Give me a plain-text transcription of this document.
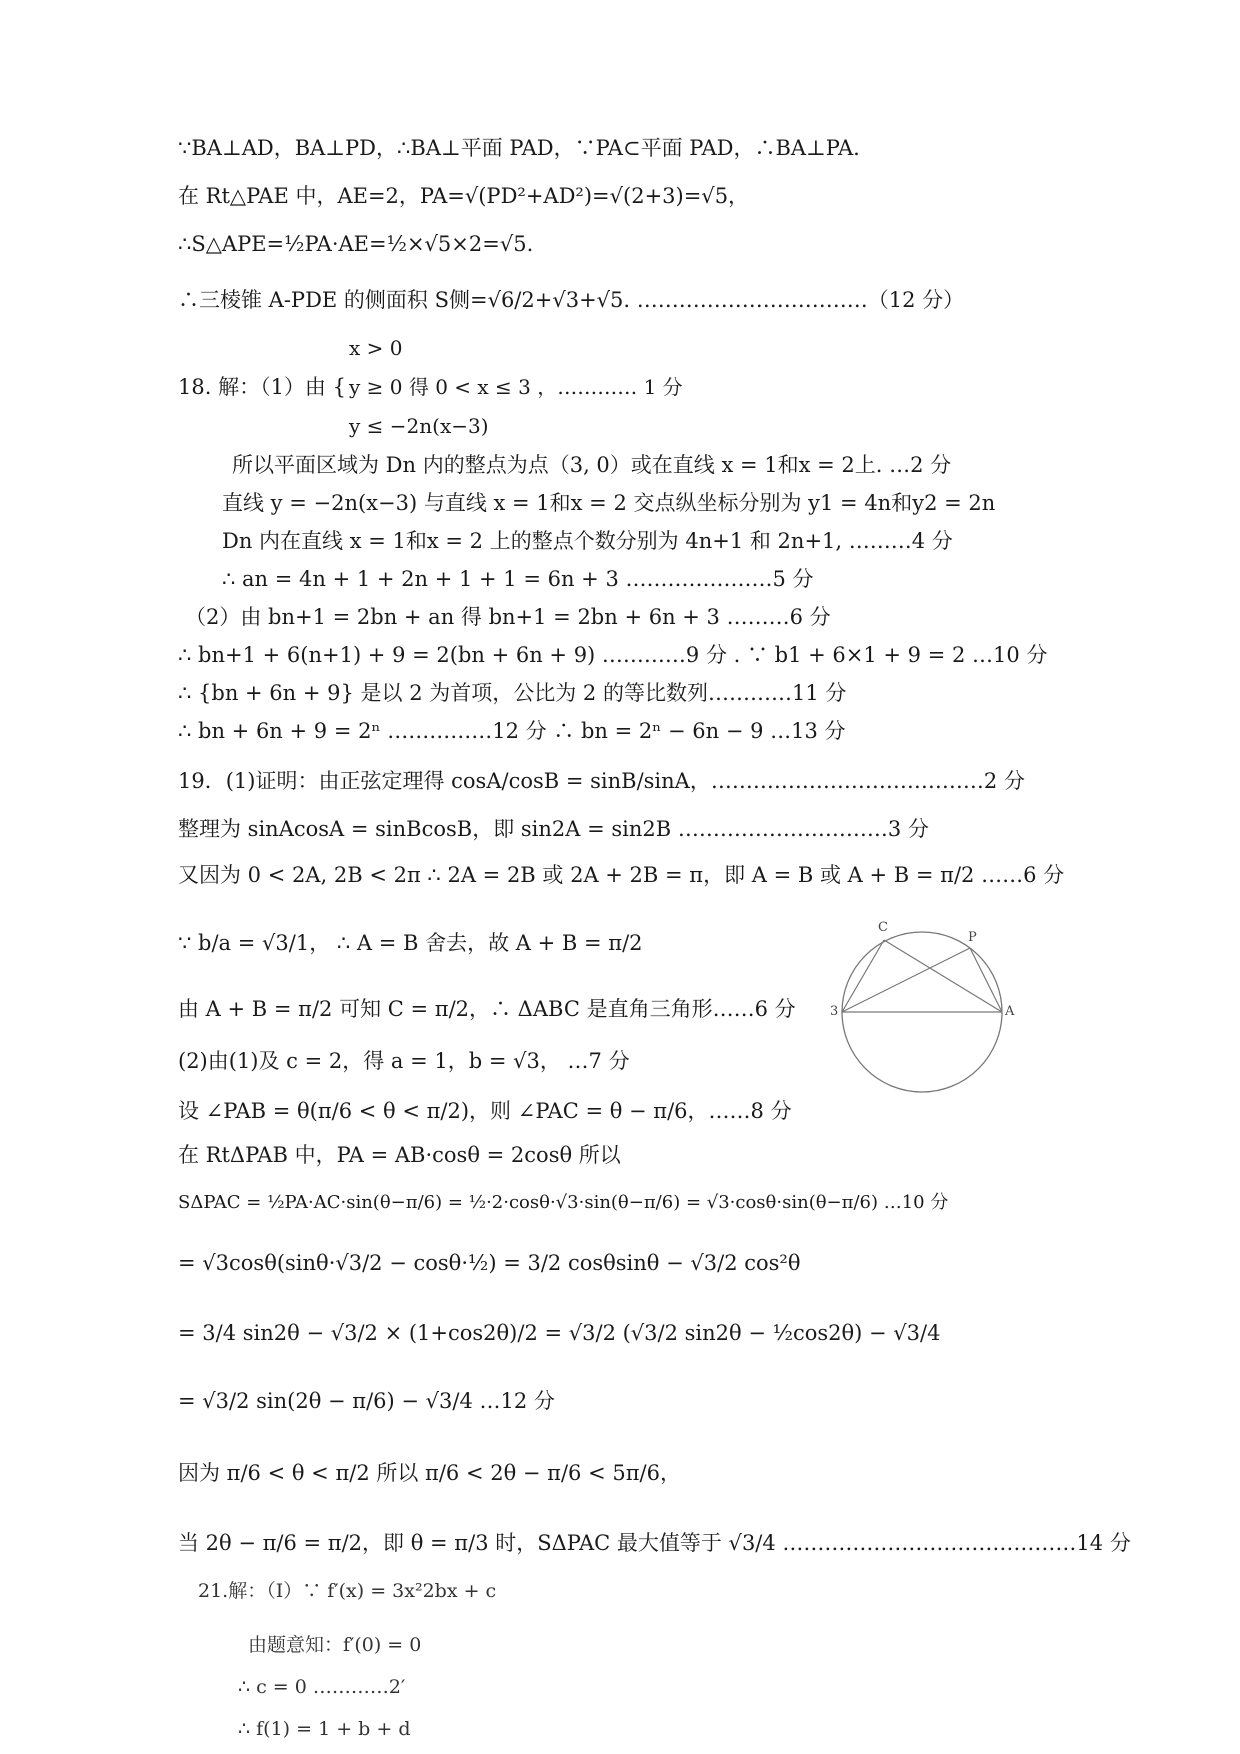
∵BA⊥AD，BA⊥PD，∴BA⊥平面 PAD，∵PA⊂平面 PAD，∴BA⊥PA.
在 Rt△PAE 中，AE=2，PA=√(PD²+AD²)=√(2+3)=√5，
∴S△APE=½PA·AE=½×√5×2=√5.
∴三棱锥 A-PDE 的侧面积 S侧=√6/2+√3+√5. ……………………………（12 分）
x > 0
18. 解：（1）由 { y ≥ 0 得 0 < x ≤ 3 ，………… 1 分
y ≤ −2n(x−3)
所以平面区域为 Dn 内的整点为点（3, 0）或在直线 x = 1和x = 2上. …2 分
直线 y = −2n(x−3) 与直线 x = 1和x = 2 交点纵坐标分别为 y1 = 4n和y2 = 2n
Dn 内在直线 x = 1和x = 2 上的整点个数分别为 4n+1 和 2n+1, ………4 分
∴ an = 4n + 1 + 2n + 1 + 1 = 6n + 3 …………………5 分
（2）由 bn+1 = 2bn + an 得 bn+1 = 2bn + 6n + 3 ………6 分
∴ bn+1 + 6(n+1) + 9 = 2(bn + 6n + 9) …………9 分 . ∵ b1 + 6×1 + 9 = 2 …10 分
∴ {bn + 6n + 9} 是以 2 为首项，公比为 2 的等比数列…………11 分
∴ bn + 6n + 9 = 2ⁿ ……………12 分 ∴ bn = 2ⁿ − 6n − 9 …13 分
19．(1)证明：由正弦定理得 cosA/cosB = sinB/sinA，…………………………………2 分
整理为 sinAcosA = sinBcosB，即 sin2A = sin2B …………………………3 分
又因为 0 < 2A, 2B < 2π ∴ 2A = 2B 或 2A + 2B = π，即 A = B 或 A + B = π/2 ……6 分
∵ b/a = √3/1， ∴ A = B 舍去，故 A + B = π/2
由 A + B = π/2 可知 C = π/2，∴ ΔABC 是直角三角形……6 分
(2)由(1)及 c = 2，得 a = 1，b = √3， …7 分
设 ∠PAB = θ(π/6 < θ < π/2)，则 ∠PAC = θ − π/6，……8 分
在 RtΔPAB 中，PA = AB·cosθ = 2cosθ 所以
SΔPAC = ½PA·AC·sin(θ−π/6) = ½·2·cosθ·√3·sin(θ−π/6) = √3·cosθ·sin(θ−π/6) …10 分
= √3cosθ(sinθ·√3/2 − cosθ·½) = 3/2 cosθsinθ − √3/2 cos²θ
= 3/4 sin2θ − √3/2 × (1+cos2θ)/2 = √3/2 (√3/2 sin2θ − ½cos2θ) − √3/4
= √3/2 sin(2θ − π/6) − √3/4 …12 分
因为 π/6 < θ < π/2 所以 π/6 < 2θ − π/6 < 5π/6，
当 2θ − π/6 = π/2，即 θ = π/3 时，SΔPAC 最大值等于 √3/4 ……………………………………14 分
21.解：（Ⅰ）∵ f′(x) = 3x²2bx + c
由题意知：f′(0) = 0
∴ c = 0 …………2′
∴ f(1) = 1 + b + d
C
P
3	A
